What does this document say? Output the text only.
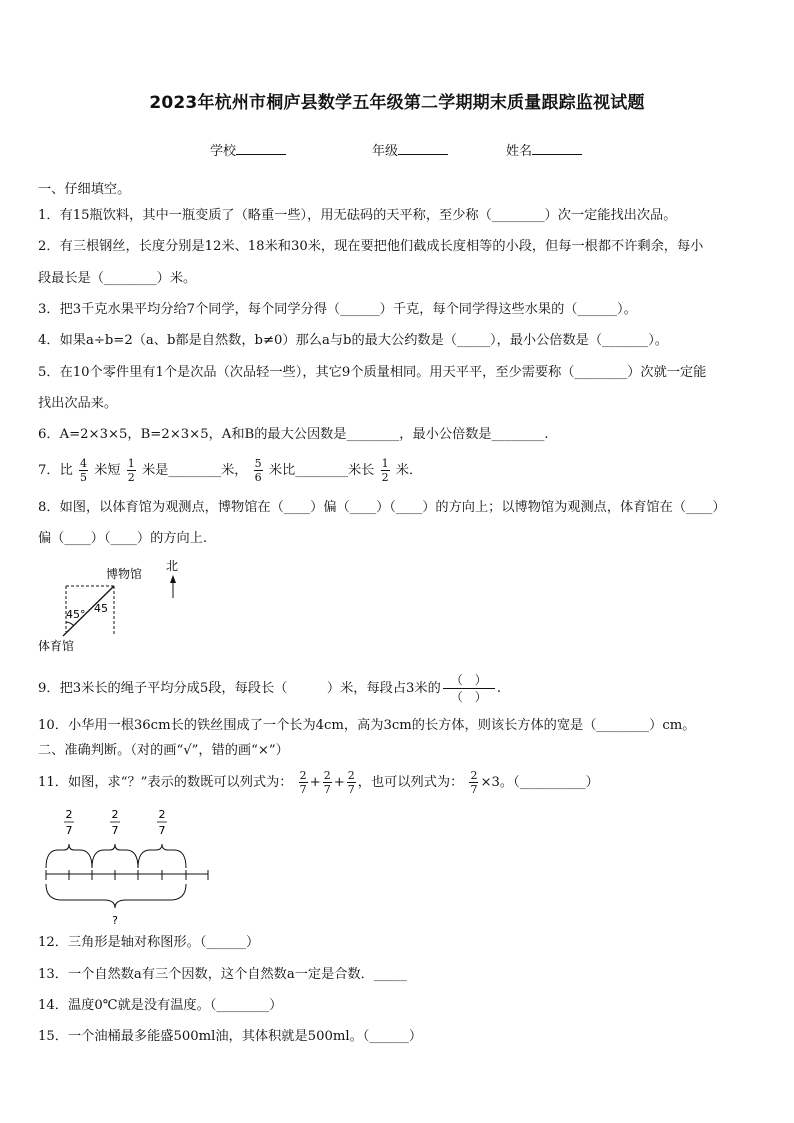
2023年杭州市桐庐县数学五年级第二学期期末质量跟踪监视试题
学校	年级	姓名
一、仔细填空。
1．有15瓶饮料，其中一瓶变质了（略重一些），用无砝码的天平称，至少称（________）次一定能找出次品。
2．有三根钢丝，长度分别是12米、18米和30米，现在要把他们截成长度相等的小段，但每一根都不许剩余，每小
段最长是（________）米。
3．把3千克水果平均分给7个同学，每个同学分得（______）千克，每个同学得这些水果的（______）。
4．如果a÷b=2（a、b都是自然数，b≠0）那么a与b的最大公约数是（_____），最小公倍数是（_______）。
5．在10个零件里有1个是次品（次品轻一些），其它9个质量相同。用天平平，至少需要称（________）次就一定能
找出次品来。
6．A=2×3×5，B=2×3×5，A和B的最大公因数是________，最小公倍数是________.
7．比 $\frac{4}{5}$ 米短 $\frac{1}{2}$ 米是________米， $\frac{5}{6}$ 米比________米长 $\frac{1}{2}$ 米．
8．如图，以体育馆为观测点，博物馆在（____）偏（____）（____）的方向上；以博物馆为观测点，体育馆在（____）
偏（____）（____）的方向上.
45° 45
博物馆
体育馆
北
9．把3米长的绳子平均分成5段，每段长（　　　）米，每段占3米的 $\frac{( )}{( )}$ .
10．小华用一根36cm长的铁丝围成了一个长为4cm，高为3cm的长方体，则该长方体的宽是（________）cm。
二、准确判断。（对的画“√”，错的画“×”）
11．如图，求“？”表示的数既可以列式为： $\frac{2}{7} + \frac{2}{7} + \frac{2}{7}$ ，也可以列式为： $\frac{2}{7} \times 3$。（__________）
2
7
2
7
2
7
?
12．三角形是轴对称图形。（______）
13．一个自然数a有三个因数，这个自然数a一定是合数．_____
14．温度0℃就是没有温度。（________）
15．一个油桶最多能盛500ml油，其体积就是500ml。（______）
